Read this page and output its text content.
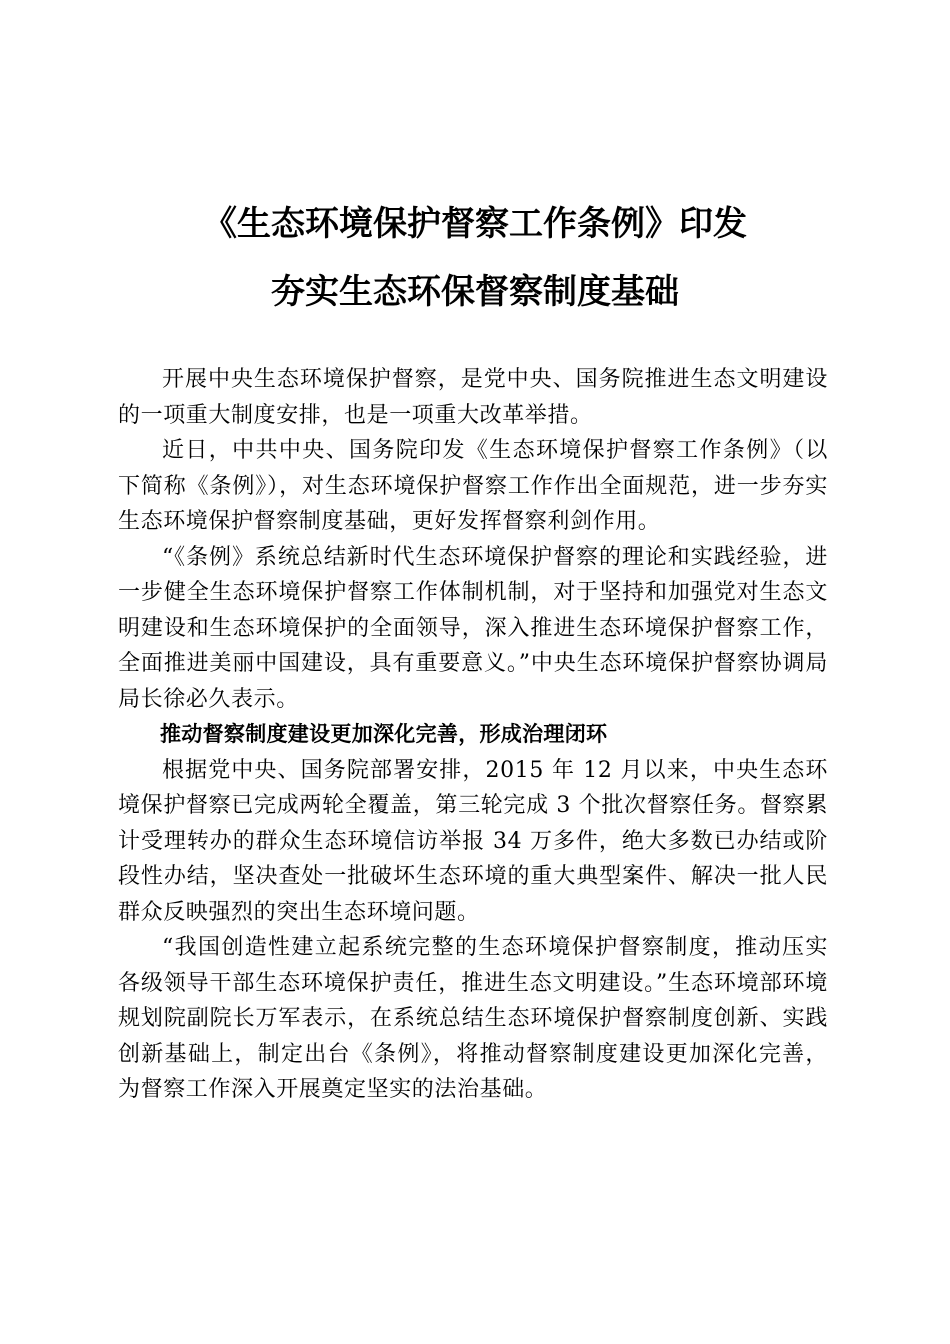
《生态环境保护督察工作条例》印发
夯实生态环保督察制度基础

开展中央生态环境保护督察，是党中央、国务院推进生态文明建设的一项重大制度安排，也是一项重大改革举措。

近日，中共中央、国务院印发《生态环境保护督察工作条例》（以下简称《条例》），对生态环境保护督察工作作出全面规范，进一步夯实生态环境保护督察制度基础，更好发挥督察利剑作用。

“《条例》系统总结新时代生态环境保护督察的理论和实践经验，进一步健全生态环境保护督察工作体制机制，对于坚持和加强党对生态文明建设和生态环境保护的全面领导，深入推进生态环境保护督察工作，全面推进美丽中国建设，具有重要意义。”中央生态环境保护督察协调局局长徐必久表示。

推动督察制度建设更加深化完善，形成治理闭环

根据党中央、国务院部署安排，2015 年 12 月以来，中央生态环境保护督察已完成两轮全覆盖，第三轮完成 3 个批次督察任务。督察累计受理转办的群众生态环境信访举报 34 万多件，绝大多数已办结或阶段性办结，坚决查处一批破坏生态环境的重大典型案件、解决一批人民群众反映强烈的突出生态环境问题。

“我国创造性建立起系统完整的生态环境保护督察制度，推动压实各级领导干部生态环境保护责任，推进生态文明建设。”生态环境部环境规划院副院长万军表示，在系统总结生态环境保护督察制度创新、实践创新基础上，制定出台《条例》，将推动督察制度建设更加深化完善，为督察工作深入开展奠定坚实的法治基础。
